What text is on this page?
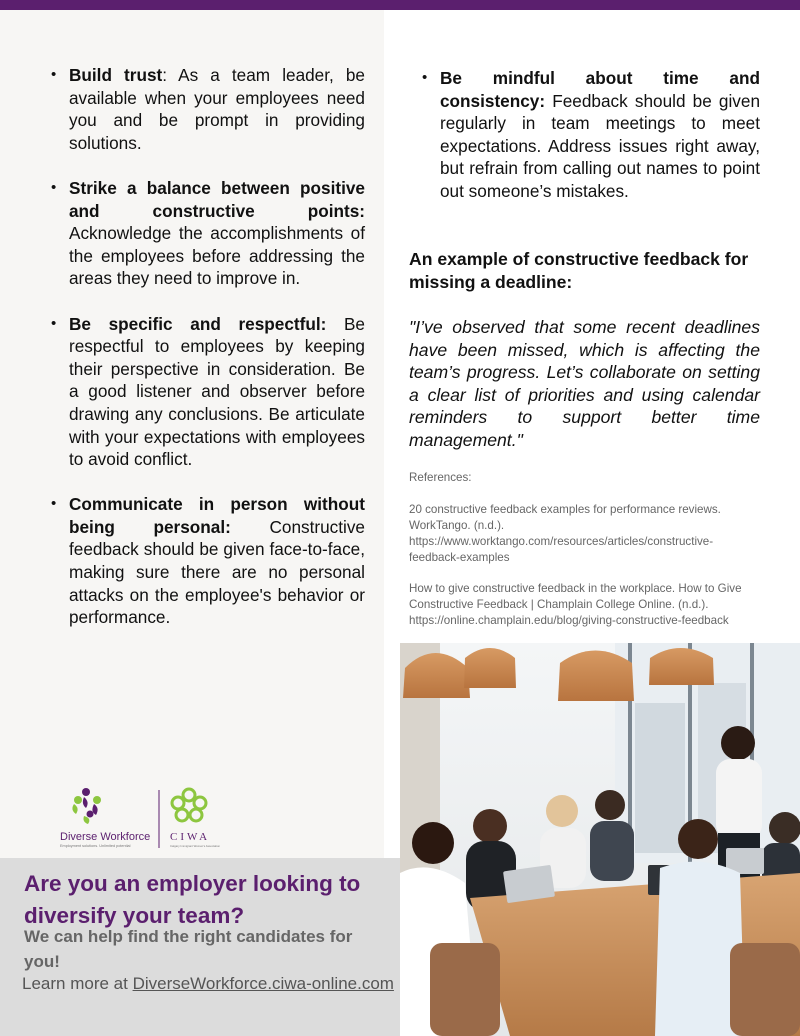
• Build trust: As a team leader, be available when your employees need you and be prompt in providing solutions.
• Strike a balance between positive and constructive points: Acknowledge the accomplishments of the employees before addressing the areas they need to improve in.
• Be specific and respectful: Be respectful to employees by keeping their perspective in consideration. Be a good listener and observer before drawing any conclusions. Be articulate with your expectations with employees to avoid conflict.
• Communicate in person without being personal: Constructive feedback should be given face-to-face, making sure there are no personal attacks on the employee's behavior or performance.
• Be mindful about time and consistency: Feedback should be given regularly in team meetings to meet expectations. Address issues right away, but refrain from calling out names to point out someone’s mistakes.
An example of constructive feedback for missing a deadline:

"I’ve observed that some recent deadlines have been missed, which is affecting the team’s progress. Let’s collaborate on setting a clear list of priorities and using calendar reminders to support better time management."

References:

20 constructive feedback examples for performance reviews. WorkTango. (n.d.). https://www.worktango.com/resources/articles/constructive-feedback-examples

How to give constructive feedback in the workplace. How to Give Constructive Feedback | Champlain College Online. (n.d.). https://online.champlain.edu/blog/giving-constructive-feedback

Diverse Workforce
Employment solutions. Unlimited potential
CIWA
Calgary Immigrant Women's Association
Are you an employer looking to diversify your team?

We can help find the right candidates for you!

Learn more at DiverseWorkforce.ciwa-online.com
